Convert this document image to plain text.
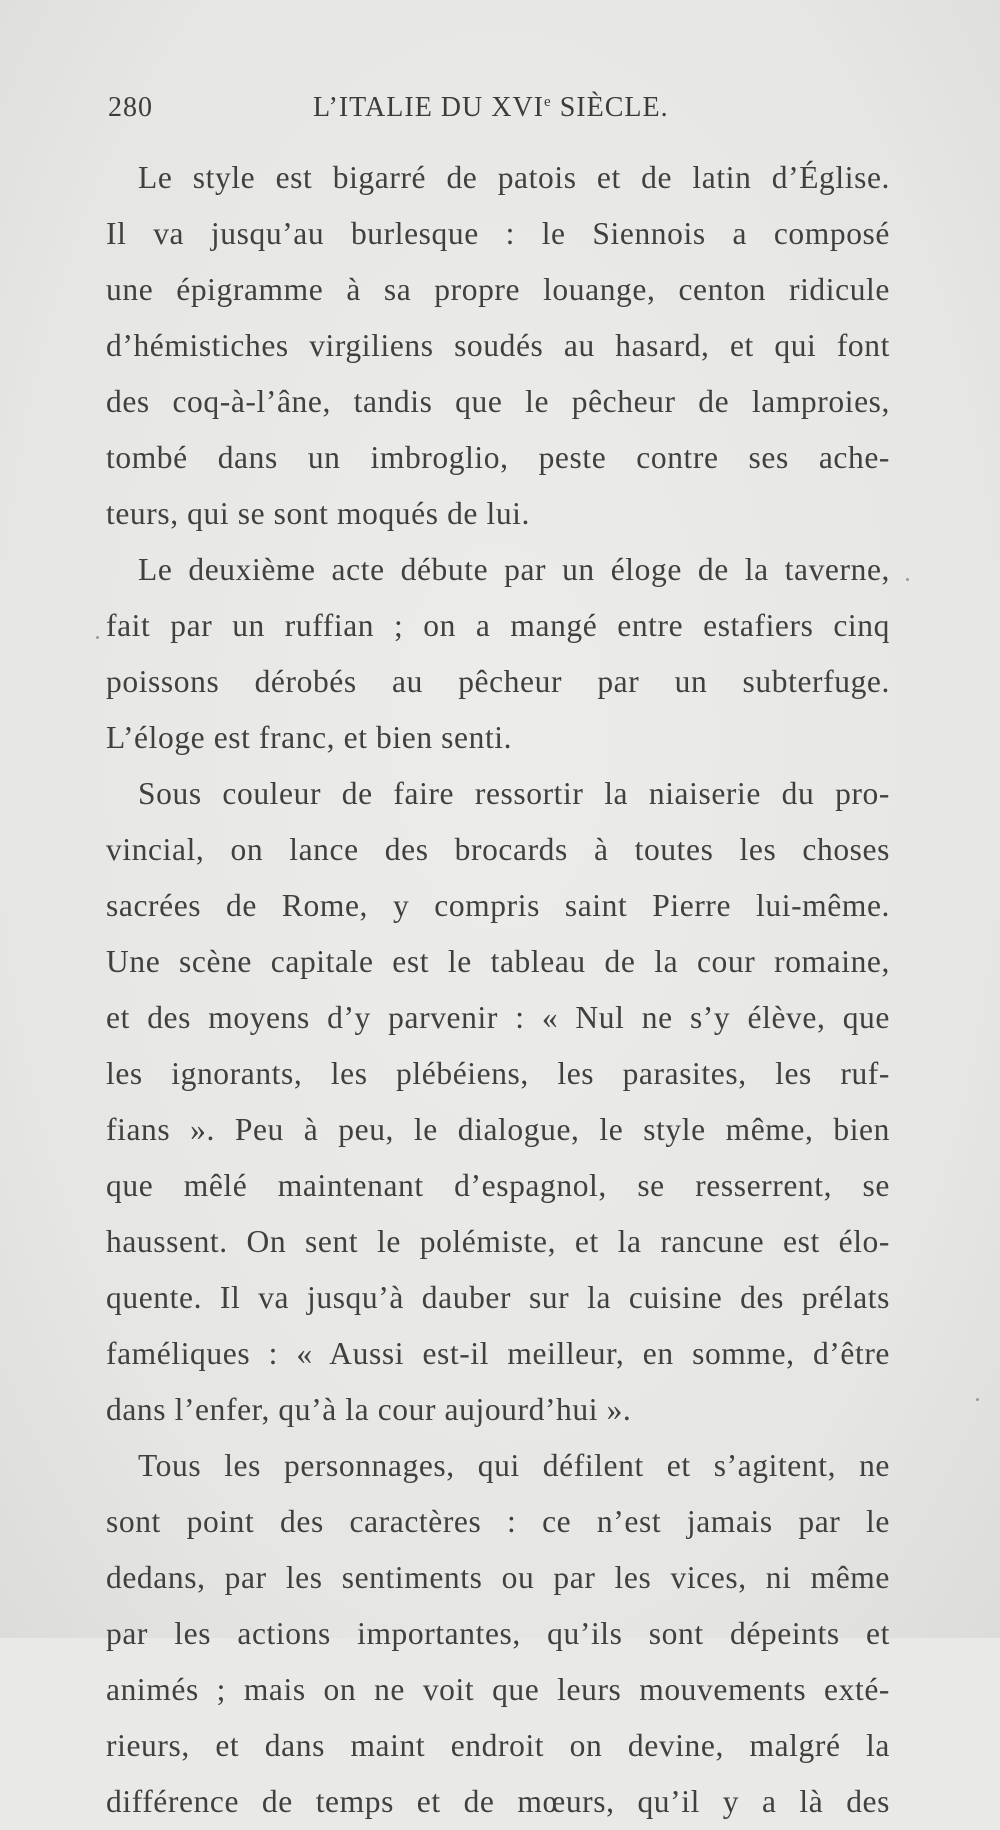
280	L’ITALIE DU XVIe SIÈCLE.
Le style est bigarré de patois et de latin d’Église.
Il va jusqu’au burlesque : le Siennois a composé
une épigramme à sa propre louange, centon ridicule
d’hémistiches virgiliens soudés au hasard, et qui font
des coq-à-l’âne, tandis que le pêcheur de lamproies,
tombé dans un imbroglio, peste contre ses ache-
teurs, qui se sont moqués de lui.
Le deuxième acte débute par un éloge de la taverne,
fait par un ruffian ; on a mangé entre estafiers cinq
poissons dérobés au pêcheur par un subterfuge.
L’éloge est franc, et bien senti.
Sous couleur de faire ressortir la niaiserie du pro-
vincial, on lance des brocards à toutes les choses
sacrées de Rome, y compris saint Pierre lui-même.
Une scène capitale est le tableau de la cour romaine,
et des moyens d’y parvenir : « Nul ne s’y élève, que
les ignorants, les plébéiens, les parasites, les ruf-
fians ». Peu à peu, le dialogue, le style même, bien
que mêlé maintenant d’espagnol, se resserrent, se
haussent. On sent le polémiste, et la rancune est élo-
quente. Il va jusqu’à dauber sur la cuisine des prélats
faméliques : « Aussi est-il meilleur, en somme, d’être
dans l’enfer, qu’à la cour aujourd’hui ».
Tous les personnages, qui défilent et s’agitent, ne
sont point des caractères : ce n’est jamais par le
dedans, par les sentiments ou par les vices, ni même
par les actions importantes, qu’ils sont dépeints et
animés ; mais on ne voit que leurs mouvements exté-
rieurs, et dans maint endroit on devine, malgré la
différence de temps et de mœurs, qu’il y a là des
